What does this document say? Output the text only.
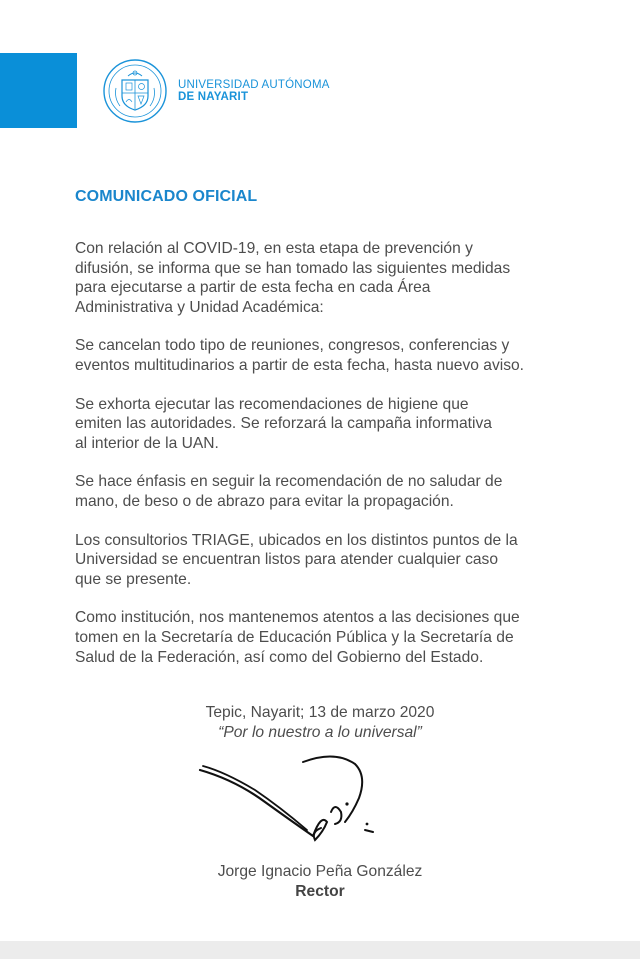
UNIVERSIDAD AUTÓNOMA
DE NAYARIT
COMUNICADO OFICIAL

Con relación al COVID-19, en esta etapa de prevención y
difusión, se informa que se han tomado las siguientes medidas
para ejecutarse a partir de esta fecha en cada Área
Administrativa y Unidad Académica:

Se cancelan todo tipo de reuniones, congresos, conferencias y
eventos multitudinarios a partir de esta fecha, hasta nuevo aviso.

Se exhorta ejecutar las recomendaciones de higiene que
emiten las autoridades. Se reforzará la campaña informativa
al interior de la UAN.

Se hace énfasis en seguir la recomendación de no saludar de
mano, de beso o de abrazo para evitar la propagación.

Los consultorios TRIAGE, ubicados en los distintos puntos de la
Universidad se encuentran listos para atender cualquier caso
que se presente.

Como institución, nos mantenemos atentos a las decisiones que
tomen en la Secretaría de Educación Pública y la Secretaría de
Salud de la Federación, así como del Gobierno del Estado.

Tepic, Nayarit; 13 de marzo 2020
“Por lo nuestro a lo universal”
Jorge Ignacio Peña González
Rector
